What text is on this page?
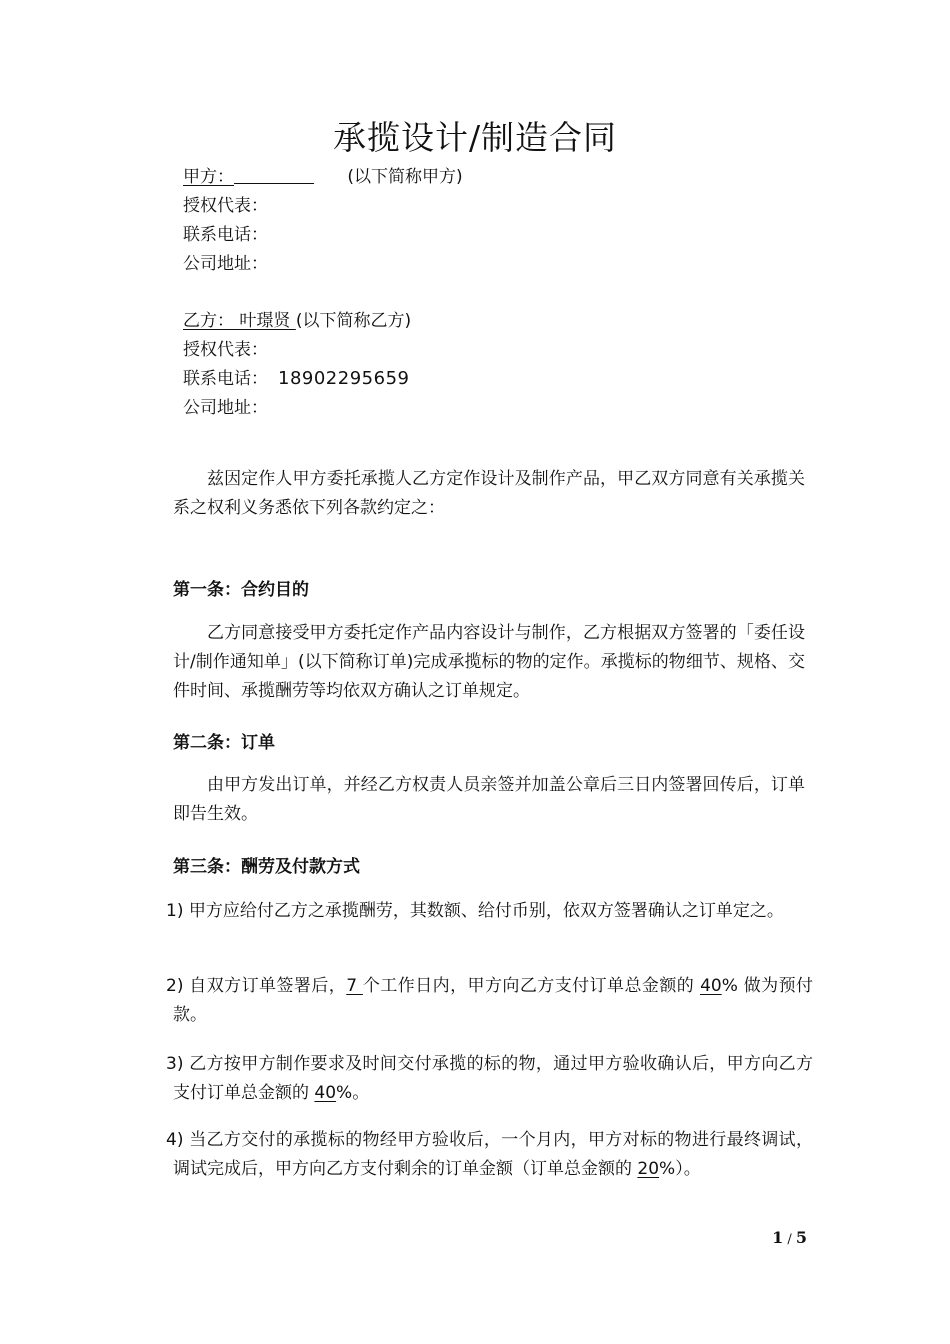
承揽设计/制造合同
甲方：	(以下简称甲方)
授权代表：
联系电话：
公司地址：
乙方： 叶璟贤 (以下简称乙方)
授权代表：
联系电话： 18902295659
公司地址：

兹因定作人甲方委托承揽人乙方定作设计及制作产品，甲乙双方同意有关承揽关系之权利义务悉依下列各款约定之：

第一条：合约目的

乙方同意接受甲方委托定作产品内容设计与制作，乙方根据双方签署的「委任设计/制作通知单」(以下简称订单)完成承揽标的物的定作。承揽标的物细节、规格、交件时间、承揽酬劳等均依双方确认之订单规定。

第二条：订单

由甲方发出订单，并经乙方权责人员亲签并加盖公章后三日内签署回传后，订单即告生效。

第三条：酬劳及付款方式

1) 甲方应给付乙方之承揽酬劳，其数额、给付币别，依双方签署确认之订单定之。

2) 自双方订单签署后，7 个工作日内，甲方向乙方支付订单总金额的 40% 做为预付款。

3) 乙方按甲方制作要求及时间交付承揽的标的物，通过甲方验收确认后，甲方向乙方支付订单总金额的 40%。

4) 当乙方交付的承揽标的物经甲方验收后，一个月内，甲方对标的物进行最终调试，调试完成后，甲方向乙方支付剩余的订单金额（订单总金额的 20%）。

1 / 5
